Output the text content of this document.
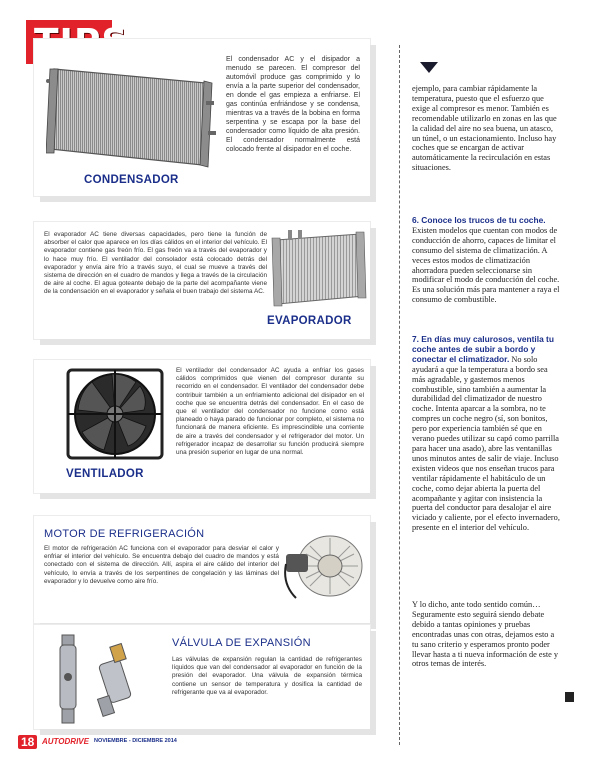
CONDENSADOR

El condensador AC y el disipador a menudo se parecen. El compresor del automóvil produce gas comprimido y lo envía a la parte superior del condensador, en donde el gas empieza a enfriarse. El gas continúa enfriándose y se condensa, mientras va a través de la bobina en forma serpentina y se escapa por la base del condensador como líquido de alta presión. El condensador normalmente está colocado frente al disipador en el coche.

El evaporador AC tiene diversas capacidades, pero tiene la función de absorber el calor que aparece en los días cálidos en el interior del vehículo. El evaporador contiene gas freón frío. El gas freón va a través del evaporador y lo hace muy frío. El ventilador del consolador está colocado detrás del evaporador y envía aire frío a través suyo, el cual se mueve a través del sistema de dirección en el cuadro de mandos y llega a través de la circulación de aire al coche. El agua goteante debajo de la parte del acompañante viene de la condensación en el evaporador y señala el buen trabajo del sistema AC.

EVAPORADOR
VENTILADOR

El ventilador del condensador AC ayuda a enfriar los gases cálidos comprimidos que vienen del compresor durante su recorrido en el condensador. El ventilador del condensador debe contribuir también a un enfriamiento adicional del disipador en el coche que se encuentra detrás del condensador. En el caso de que el ventilador del condensador no funcione como está planeado o haya parado de funcionar por completo, el sistema no funcionará de manera eficiente. Es imprescindible una corriente de aire a través del condensador y el refrigerador del motor. Un refrigerador incapaz de desarrollar su función producirá siempre una presión superior en lugar de una normal.

MOTOR DE REFRIGERACIÓN

El motor de refrigeración AC funciona con el evaporador para desviar el calor y enfriar el interior del vehículo. Se encuentra debajo del cuadro de mandos y está conectado con el sistema de dirección. Allí, aspira el aire cálido del interior del vehículo, lo envía a través de los serpentines de congelación y las láminas del evaporador y lo devuelve como aire frío.

VÁLVULA DE EXPANSIÓN

Las válvulas de expansión regulan la cantidad de refrigerantes líquidos que van del condensador al evaporador en función de la presión del evaporador. Una válvula de expansión térmica contiene un sensor de temperatura y dosifica la cantidad de refrigerante que va al evaporador.

ejemplo, para cambiar rápidamente la temperatura, puesto que el esfuerzo que exige al compresor es menor. También es recomendable utilizarlo en zonas en las que la calidad del aire no sea buena, un atasco, un túnel, o un estacionamiento. Incluso hay coches que se encargan de activar automáticamente la recirculación en estas situaciones.
6. Conoce los trucos de tu coche. Existen modelos que cuentan con modos de conducción de ahorro, capaces de limitar el consumo del sistema de climatización. A veces estos modos de climatización ahorradora pueden seleccionarse sin modificar el modo de conducción del coche. Es una solución más para mantener a raya el consumo de combustible.
7. En días muy calurosos, ventila tu coche antes de subir a bordo y conectar el climatizador. No solo ayudará a que la temperatura a bordo sea más agradable, y gastemos menos combustible, sino también a aumentar la durabilidad del climatizador de nuestro coche. Intenta aparcar a la sombra, no te compres un coche negro (sí, son bonitos, pero por experiencia también sé que en verano puedes utilizar su capó como parrilla para hacer una asado), abre las ventanillas unos minutos antes de salir de viaje. Incluso existen videos que nos enseñan trucos para ventilar rápidamente el habitáculo de un coche, como dejar abierta la puerta del acompañante y agitar con insistencia la puerta del conductor para desalojar el aire viciado y caliente, por el efecto invernadero, presente en el interior del vehículo.
Y lo dicho, ante todo sentido común… Seguramente esto seguirá siendo debate debido a tantas opiniones y pruebas encontradas unas con otras, dejamos esto a tu sano criterio y esperamos pronto poder llevar hasta a ti nueva información de este y otros temas de interés.
18 AUTODRIVE NOVIEMBRE - DICIEMBRE 2014
